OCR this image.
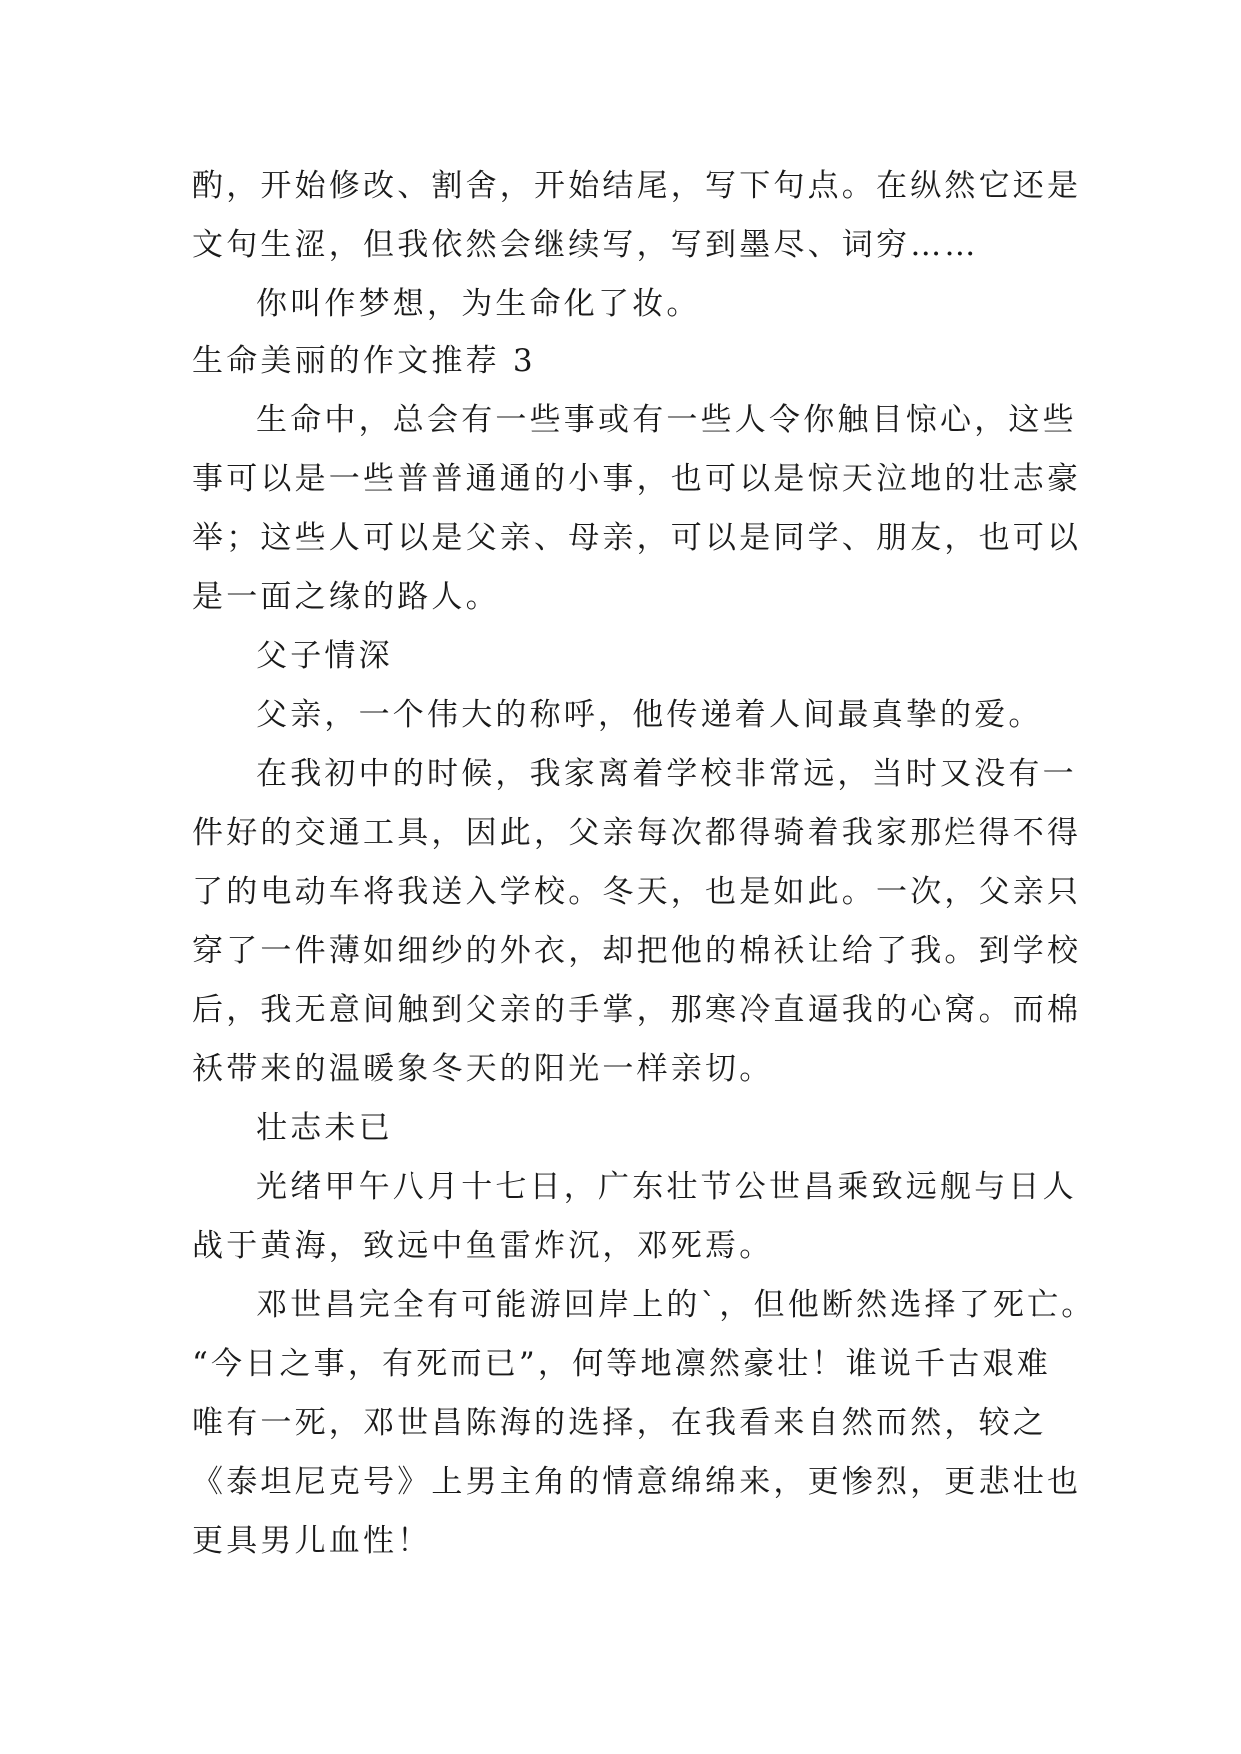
酌，开始修改、割舍，开始结尾，写下句点。在纵然它还是
文句生涩，但我依然会继续写，写到墨尽、词穷……
你叫作梦想，为生命化了妆。
生命美丽的作文推荐 3
生命中，总会有一些事或有一些人令你触目惊心，这些
事可以是一些普普通通的小事，也可以是惊天泣地的壮志豪
举；这些人可以是父亲、母亲，可以是同学、朋友，也可以
是一面之缘的路人。
父子情深
父亲，一个伟大的称呼，他传递着人间最真挚的爱。
在我初中的时候，我家离着学校非常远，当时又没有一
件好的交通工具，因此，父亲每次都得骑着我家那烂得不得
了的电动车将我送入学校。冬天，也是如此。一次，父亲只
穿了一件薄如细纱的外衣，却把他的棉袄让给了我。到学校
后，我无意间触到父亲的手掌，那寒冷直逼我的心窝。而棉
袄带来的温暖象冬天的阳光一样亲切。
壮志未已
光绪甲午八月十七日，广东壮节公世昌乘致远舰与日人
战于黄海，致远中鱼雷炸沉，邓死焉。
邓世昌完全有可能游回岸上的`，但他断然选择了死亡。
“今日之事，有死而已”，何等地凛然豪壮！谁说千古艰难
唯有一死，邓世昌陈海的选择，在我看来自然而然，较之
《泰坦尼克号》上男主角的情意绵绵来，更惨烈，更悲壮也
更具男儿血性！
